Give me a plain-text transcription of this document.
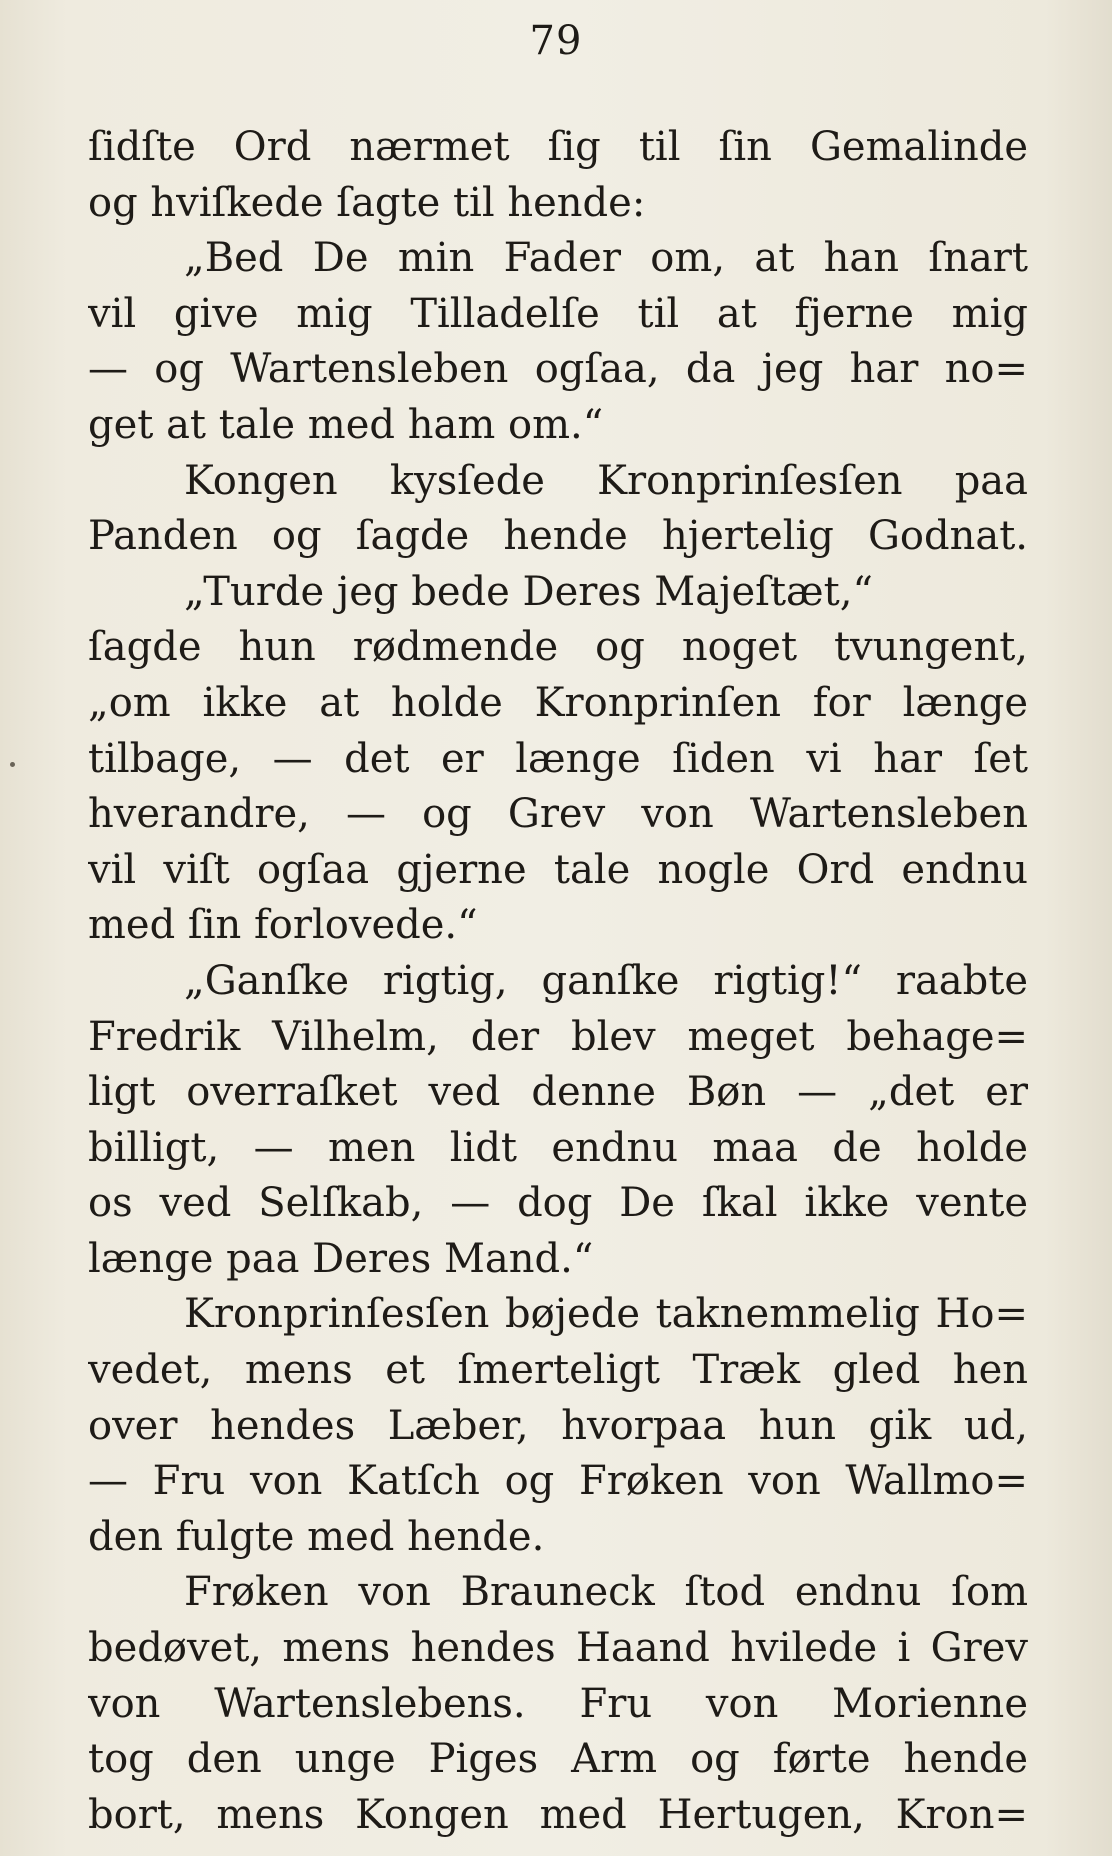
79
ſidſte Ord nærmet ſig til ſin Gemalinde
og hviſkede ſagte til hende:
„Bed De min Fader om, at han ſnart
vil give mig Tilladelſe til at fjerne mig
— og Wartensleben ogſaa, da jeg har no=
get at tale med ham om.“
Kongen kysſede Kronprinſesſen paa
Panden og ſagde hende hjertelig Godnat.
„Turde jeg bede Deres Majeſtæt,“
ſagde hun rødmende og noget tvungent,
„om ikke at holde Kronprinſen for længe
tilbage, — det er længe ſiden vi har ſet
hverandre, — og Grev von Wartensleben
vil viſt ogſaa gjerne tale nogle Ord endnu
med ſin forlovede.“
„Ganſke rigtig, ganſke rigtig!“ raabte
Fredrik Vilhelm, der blev meget behage=
ligt overraſket ved denne Bøn — „det er
billigt, — men lidt endnu maa de holde
os ved Selſkab, — dog De ſkal ikke vente
længe paa Deres Mand.“
Kronprinſesſen bøjede taknemmelig Ho=
vedet, mens et ſmerteligt Træk gled hen
over hendes Læber, hvorpaa hun gik ud,
— Fru von Katſch og Frøken von Wallmo=
den fulgte med hende.
Frøken von Brauneck ſtod endnu ſom
bedøvet, mens hendes Haand hvilede i Grev
von Wartenslebens. Fru von Morienne
tog den unge Piges Arm og førte hende
bort, mens Kongen med Hertugen, Kron=
